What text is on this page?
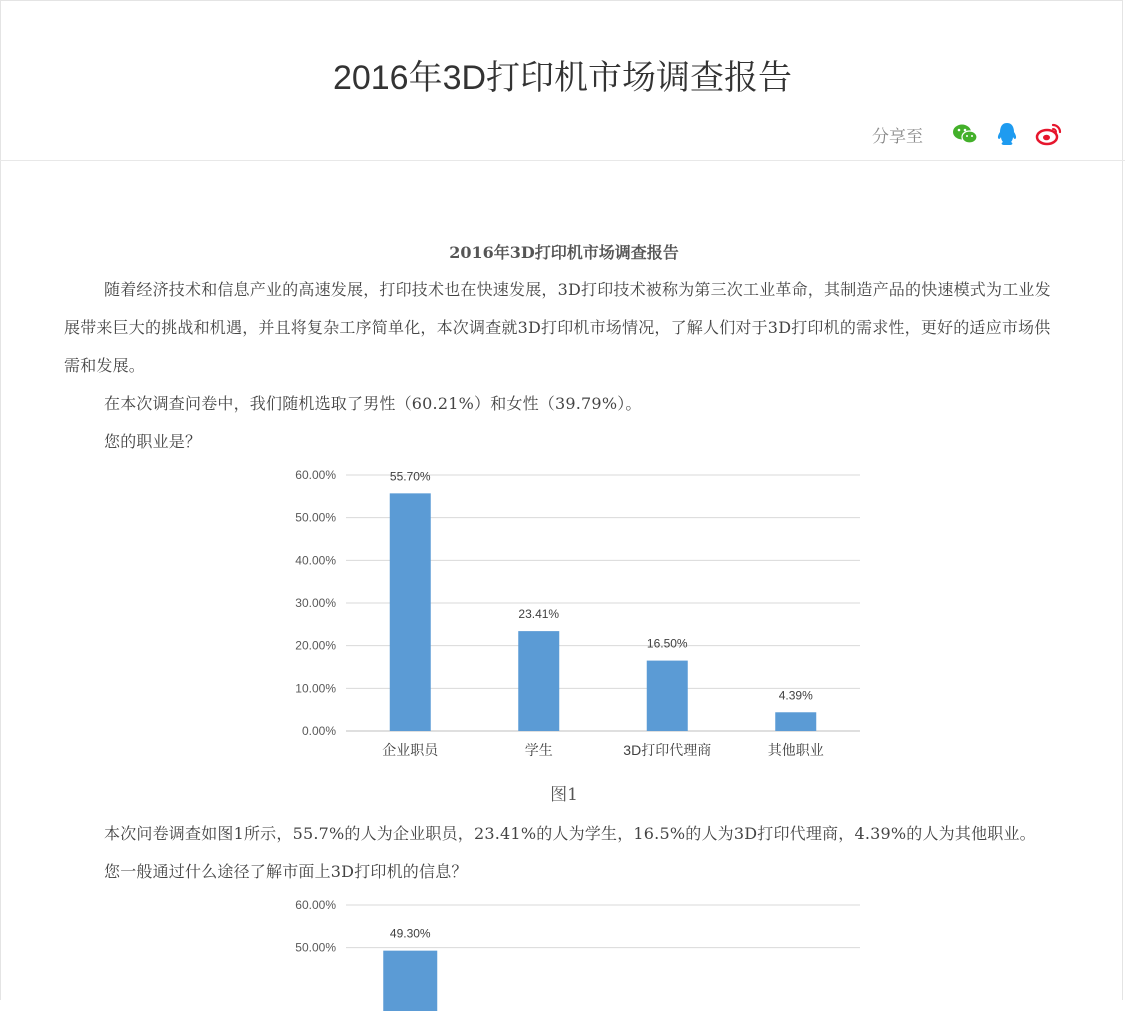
2016年3D打印机市场调查报告
分享至

2016年3D打印机市场调查报告

随着经济技术和信息产业的高速发展，打印技术也在快速发展，3D打印技术被称为第三次工业革命，其制造产品的快速模式为工业发展带来巨大的挑战和机遇，并且将复杂工序简单化，本次调查就3D打印机市场情况，了解人们对于3D打印机的需求性，更好的适应市场供需和发展。

在本次调查问卷中，我们随机选取了男性（60.21%）和女性（39.79%）。

您的职业是？

0.00%
10.00%
20.00%
30.00%
40.00%
50.00%
60.00%	55.70%
企业职员
23.41%
学生
16.50%
3D打印代理商
4.39%
其他职业
图1

本次问卷调查如图1所示，55.7%的人为企业职员，23.41%的人为学生，16.5%的人为3D打印代理商，4.39%的人为其他职业。

您一般通过什么途径了解市面上3D打印机的信息？

50.00%
60.00%
49.30%
